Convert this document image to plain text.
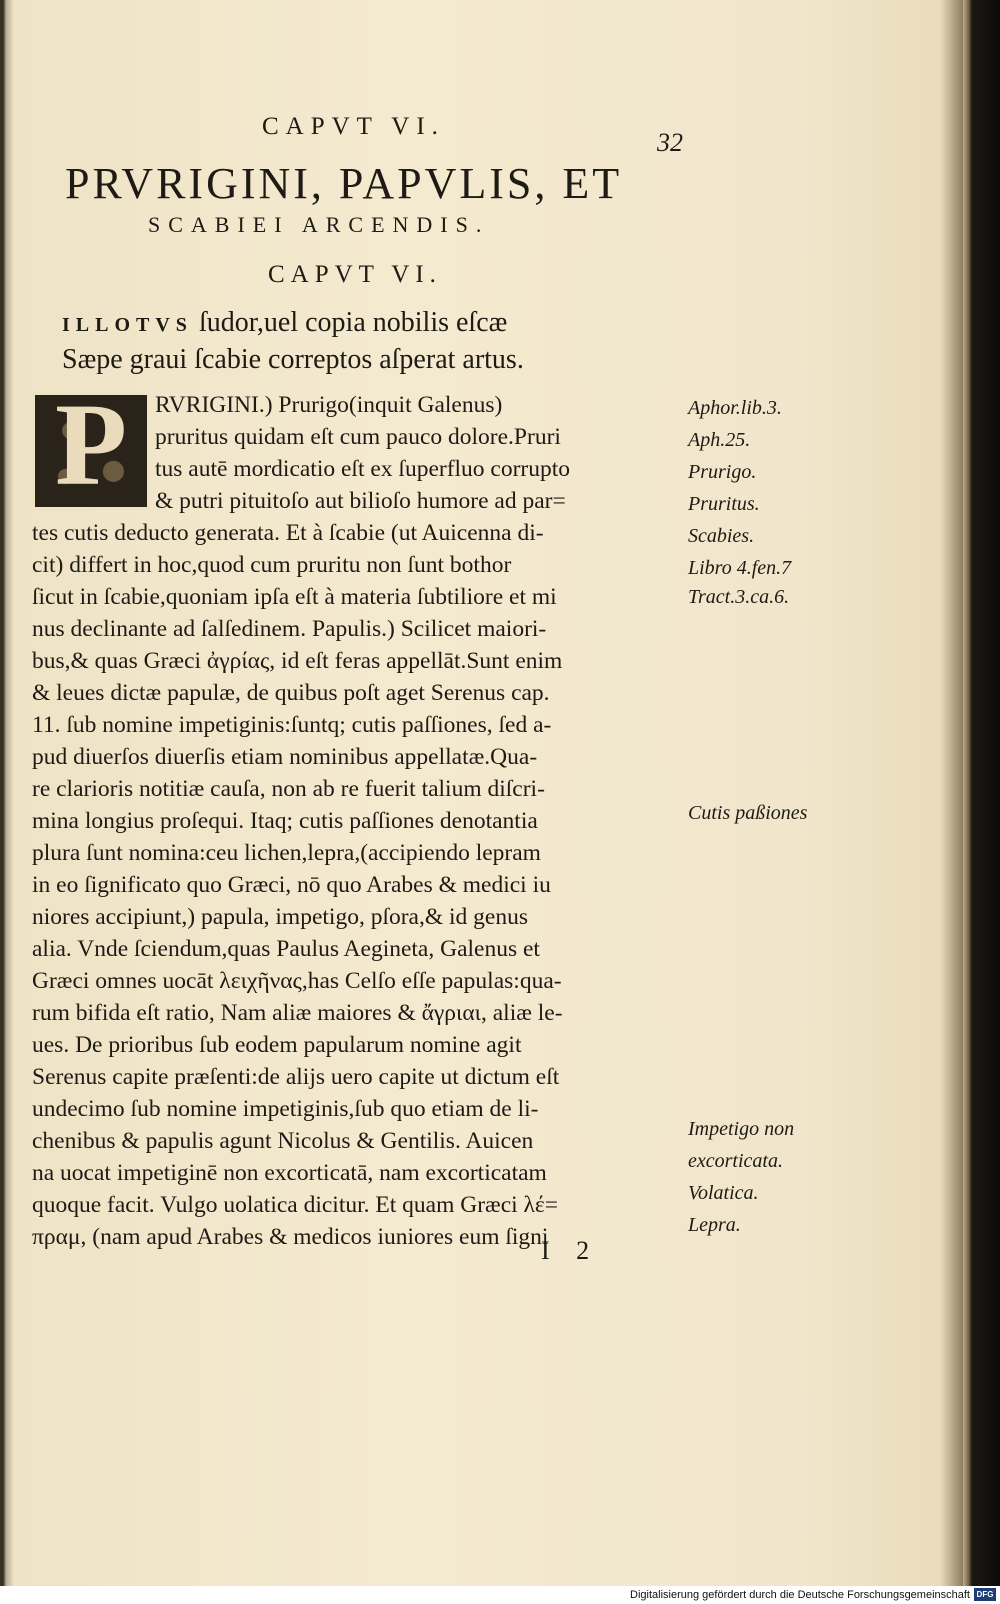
CAPVT VI.
32
PRVRIGINI, PAPVLIS, ET
SCABIEI ARCENDIS.
CAPVT VI.
ILLOTVS ſudor,uel copia nobilis eſcæ
Sæpe graui ſcabie correptos aſperat artus.
P	RVRIGINI.) Prurigo(inquit Galenus)
pruritus quidam eſt cum pauco dolore.Pruri
tus autē mordicatio eſt ex ſuperfluo corrupto
& putri pituitoſo aut bilioſo humore ad par=
tes cutis deducto generata. Et à ſcabie (ut Auicenna di-
cit) differt in hoc,quod cum pruritu non ſunt bothor
ſicut in ſcabie,quoniam ipſa eſt à materia ſubtiliore et mi
nus declinante ad ſalſedinem. Papulis.) Scilicet maiori-
bus,& quas Græci ἀγρίας, id eſt feras appellāt.Sunt enim
& leues dictæ papulæ, de quibus poſt aget Serenus cap.
11. ſub nomine impetiginis:ſuntq; cutis paſſiones, ſed a-
pud diuerſos diuerſis etiam nominibus appellatæ.Qua-
re clarioris notitiæ cauſa, non ab re fuerit talium diſcri-
mina longius proſequi. Itaq; cutis paſſiones denotantia
plura ſunt nomina:ceu lichen,lepra,(accipiendo lepram
in eo ſignificato quo Græci, nō quo Arabes & medici iu
niores accipiunt,) papula, impetigo, pſora,& id genus
alia. Vnde ſciendum,quas Paulus Aegineta, Galenus et
Græci omnes uocāt λειχῆνας,has Celſo eſſe papulas:qua-
rum bifida eſt ratio, Nam aliæ maiores & ἄγριαι, aliæ le-
ues. De prioribus ſub eodem papularum nomine agit
Serenus capite præſenti:de alijs uero capite ut dictum eſt
undecimo ſub nomine impetiginis,ſub quo etiam de li-
chenibus & papulis agunt Nicolus & Gentilis. Auicen
na uocat impetiginē non excorticatā, nam excorticatam
quoque facit. Vulgo uolatica dicitur. Et quam Græci λέ=
πραμ, (nam apud Arabes & medicos iuniores eum ſigni
Aphor.lib.3.
Aph.25.
Prurigo.
Pruritus.
Scabies.
Libro 4.fen.7
Tract.3.ca.6.
Cutis paßiones
Impetigo non
excorticata.
Volatica.
Lepra.
I 2
Digitalisierung gefördert durch die Deutsche Forschungsgemeinschaft DFG
